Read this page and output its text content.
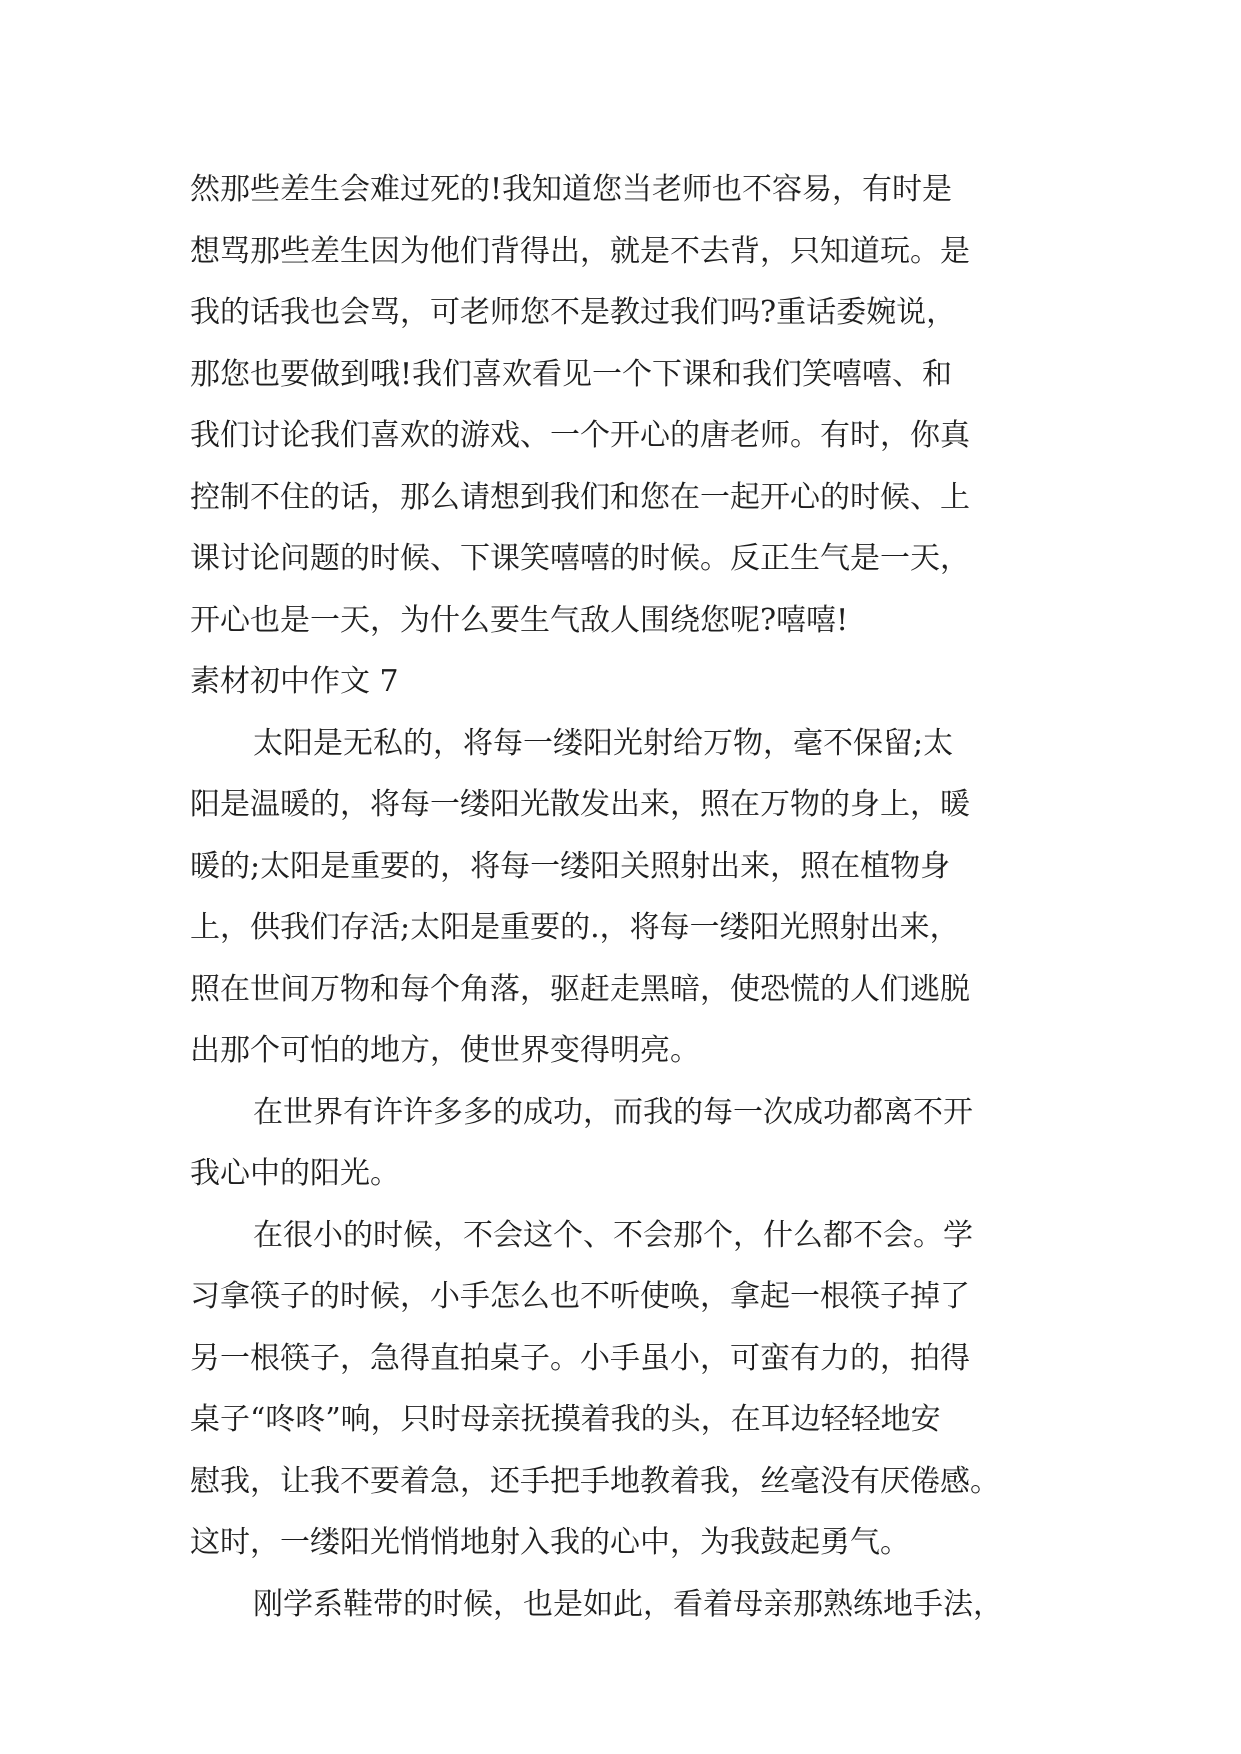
然那些差生会难过死的!我知道您当老师也不容易，有时是
想骂那些差生因为他们背得出，就是不去背，只知道玩。是
我的话我也会骂，可老师您不是教过我们吗?重话委婉说，
那您也要做到哦!我们喜欢看见一个下课和我们笑嘻嘻、和
我们讨论我们喜欢的游戏、一个开心的唐老师。有时，你真
控制不住的话，那么请想到我们和您在一起开心的时候、上
课讨论问题的时候、下课笑嘻嘻的时候。反正生气是一天，
开心也是一天，为什么要生气敌人围绕您呢?嘻嘻!
素材初中作文 7
太阳是无私的，将每一缕阳光射给万物，毫不保留;太
阳是温暖的，将每一缕阳光散发出来，照在万物的身上，暖
暖的;太阳是重要的，将每一缕阳关照射出来，照在植物身
上，供我们存活;太阳是重要的.，将每一缕阳光照射出来，
照在世间万物和每个角落，驱赶走黑暗，使恐慌的人们逃脱
出那个可怕的地方，使世界变得明亮。
在世界有许许多多的成功，而我的每一次成功都离不开
我心中的阳光。
在很小的时候，不会这个、不会那个，什么都不会。学
习拿筷子的时候，小手怎么也不听使唤，拿起一根筷子掉了
另一根筷子，急得直拍桌子。小手虽小，可蛮有力的，拍得
桌子“咚咚”响，只时母亲抚摸着我的头，在耳边轻轻地安
慰我，让我不要着急，还手把手地教着我，丝毫没有厌倦感。
这时，一缕阳光悄悄地射入我的心中，为我鼓起勇气。
刚学系鞋带的时候，也是如此，看着母亲那熟练地手法，
